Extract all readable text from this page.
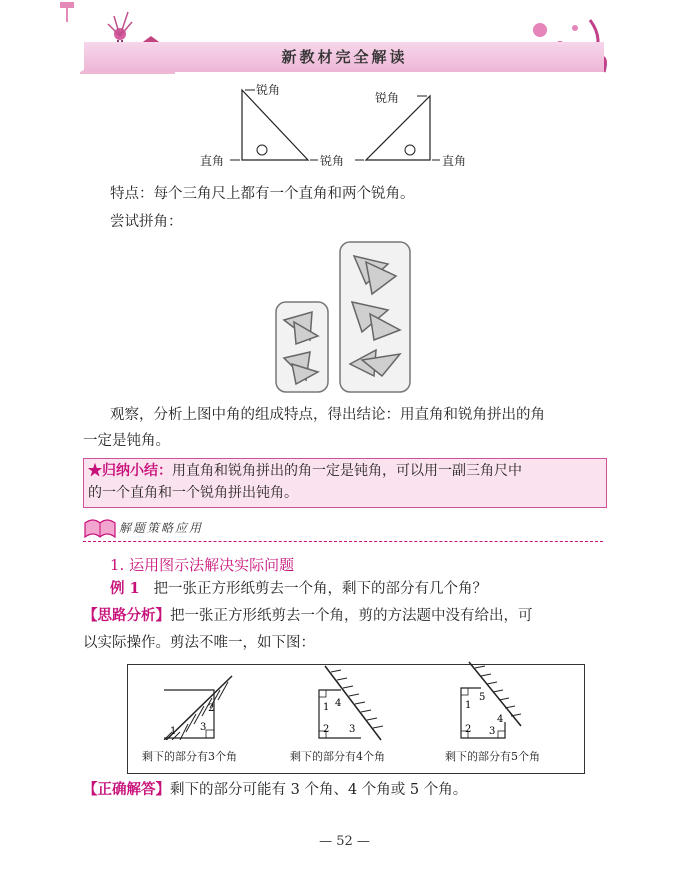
新教材完全解读
锐角
直角	锐角
锐角
直角
特点：每个三角尺上都有一个直角和两个锐角。
尝试拼角：
观察，分析上图中角的组成特点，得出结论：用直角和锐角拼出的角
一定是钝角。
★归纳小结：用直角和锐角拼出的角一定是钝角，可以用一副三角尺中
的一个直角和一个锐角拼出钝角。
解题策略应用
1. 运用图示法解决实际问题
例 1 把一张正方形纸剪去一个角，剩下的部分有几个角？
【思路分析】把一张正方形纸剪去一个角，剪的方法题中没有给出，可
以实际操作。剪法不唯一，如下图：
1
2
3
剩下的部分有3个角
1 4
2 3
剩下的部分有4个角
1
5
4
2 3
剩下的部分有5个角
【正确解答】剩下的部分可能有 3 个角、4 个角或 5 个角。
— 52 —
